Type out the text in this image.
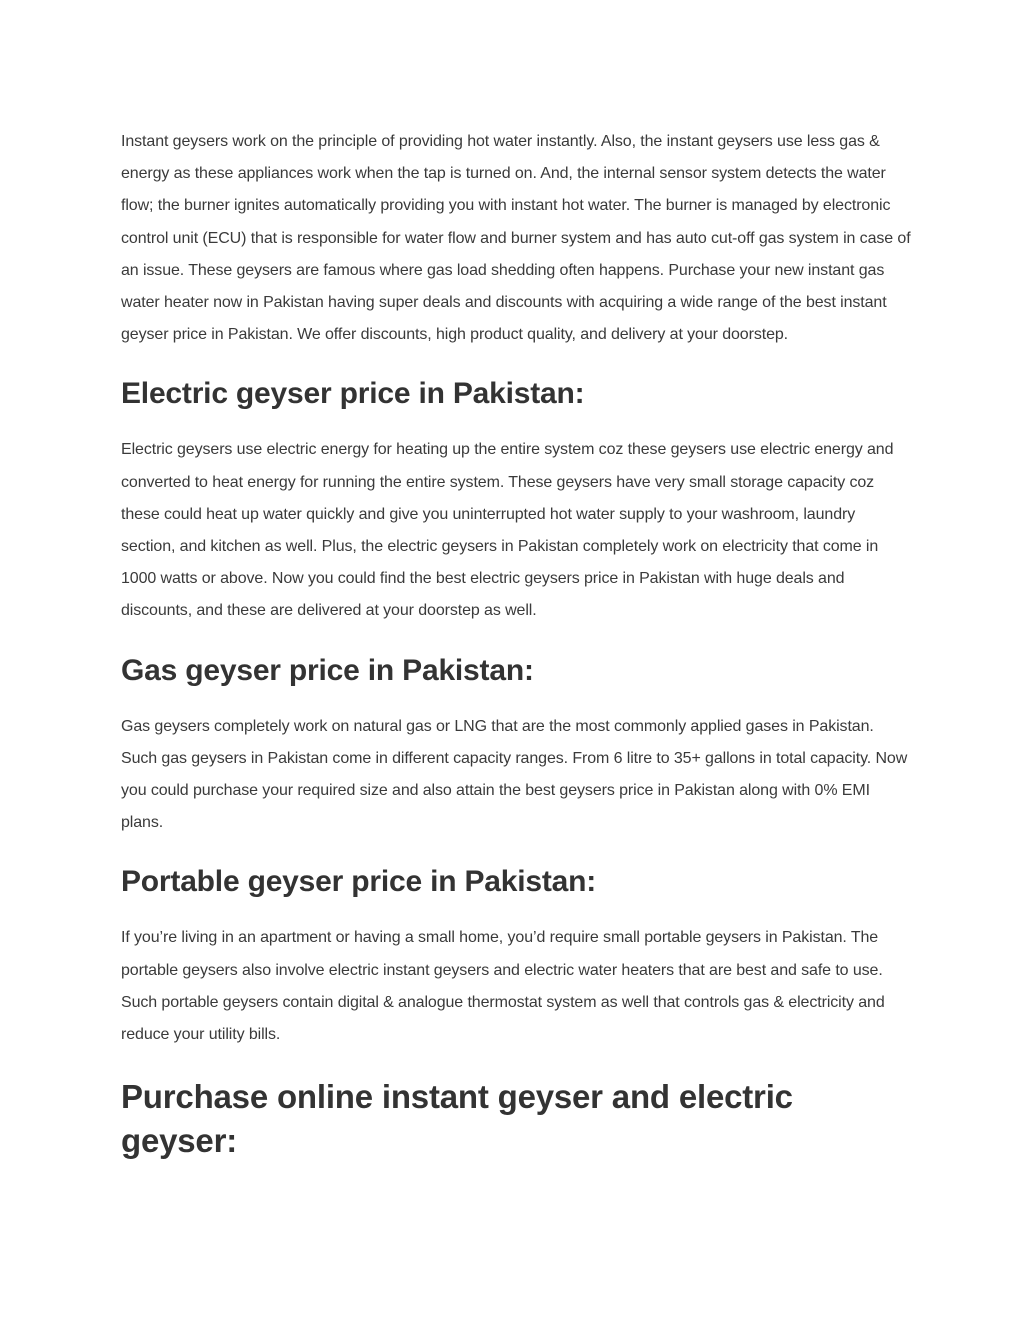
Instant geysers work on the principle of providing hot water instantly. Also, the instant geysers use less gas & energy as these appliances work when the tap is turned on. And, the internal sensor system detects the water flow; the burner ignites automatically providing you with instant hot water. The burner is managed by electronic control unit (ECU) that is responsible for water flow and burner system and has auto cut-off gas system in case of an issue. These geysers are famous where gas load shedding often happens. Purchase your new instant gas water heater now in Pakistan having super deals and discounts with acquiring a wide range of the best instant geyser price in Pakistan. We offer discounts, high product quality, and delivery at your doorstep.

Electric geyser price in Pakistan:

Electric geysers use electric energy for heating up the entire system coz these geysers use electric energy and converted to heat energy for running the entire system. These geysers have very small storage capacity coz these could heat up water quickly and give you uninterrupted hot water supply to your washroom, laundry section, and kitchen as well. Plus, the electric geysers in Pakistan completely work on electricity that come in 1000 watts or above. Now you could find the best electric geysers price in Pakistan with huge deals and discounts, and these are delivered at your doorstep as well.

Gas geyser price in Pakistan:

Gas geysers completely work on natural gas or LNG that are the most commonly applied gases in Pakistan. Such gas geysers in Pakistan come in different capacity ranges. From 6 litre to 35+ gallons in total capacity. Now you could purchase your required size and also attain the best geysers price in Pakistan along with 0% EMI plans.

Portable geyser price in Pakistan:

If you’re living in an apartment or having a small home, you’d require small portable geysers in Pakistan. The portable geysers also involve electric instant geysers and electric water heaters that are best and safe to use. Such portable geysers contain digital & analogue thermostat system as well that controls gas & electricity and reduce your utility bills.

Purchase online instant geyser and electric geyser:
